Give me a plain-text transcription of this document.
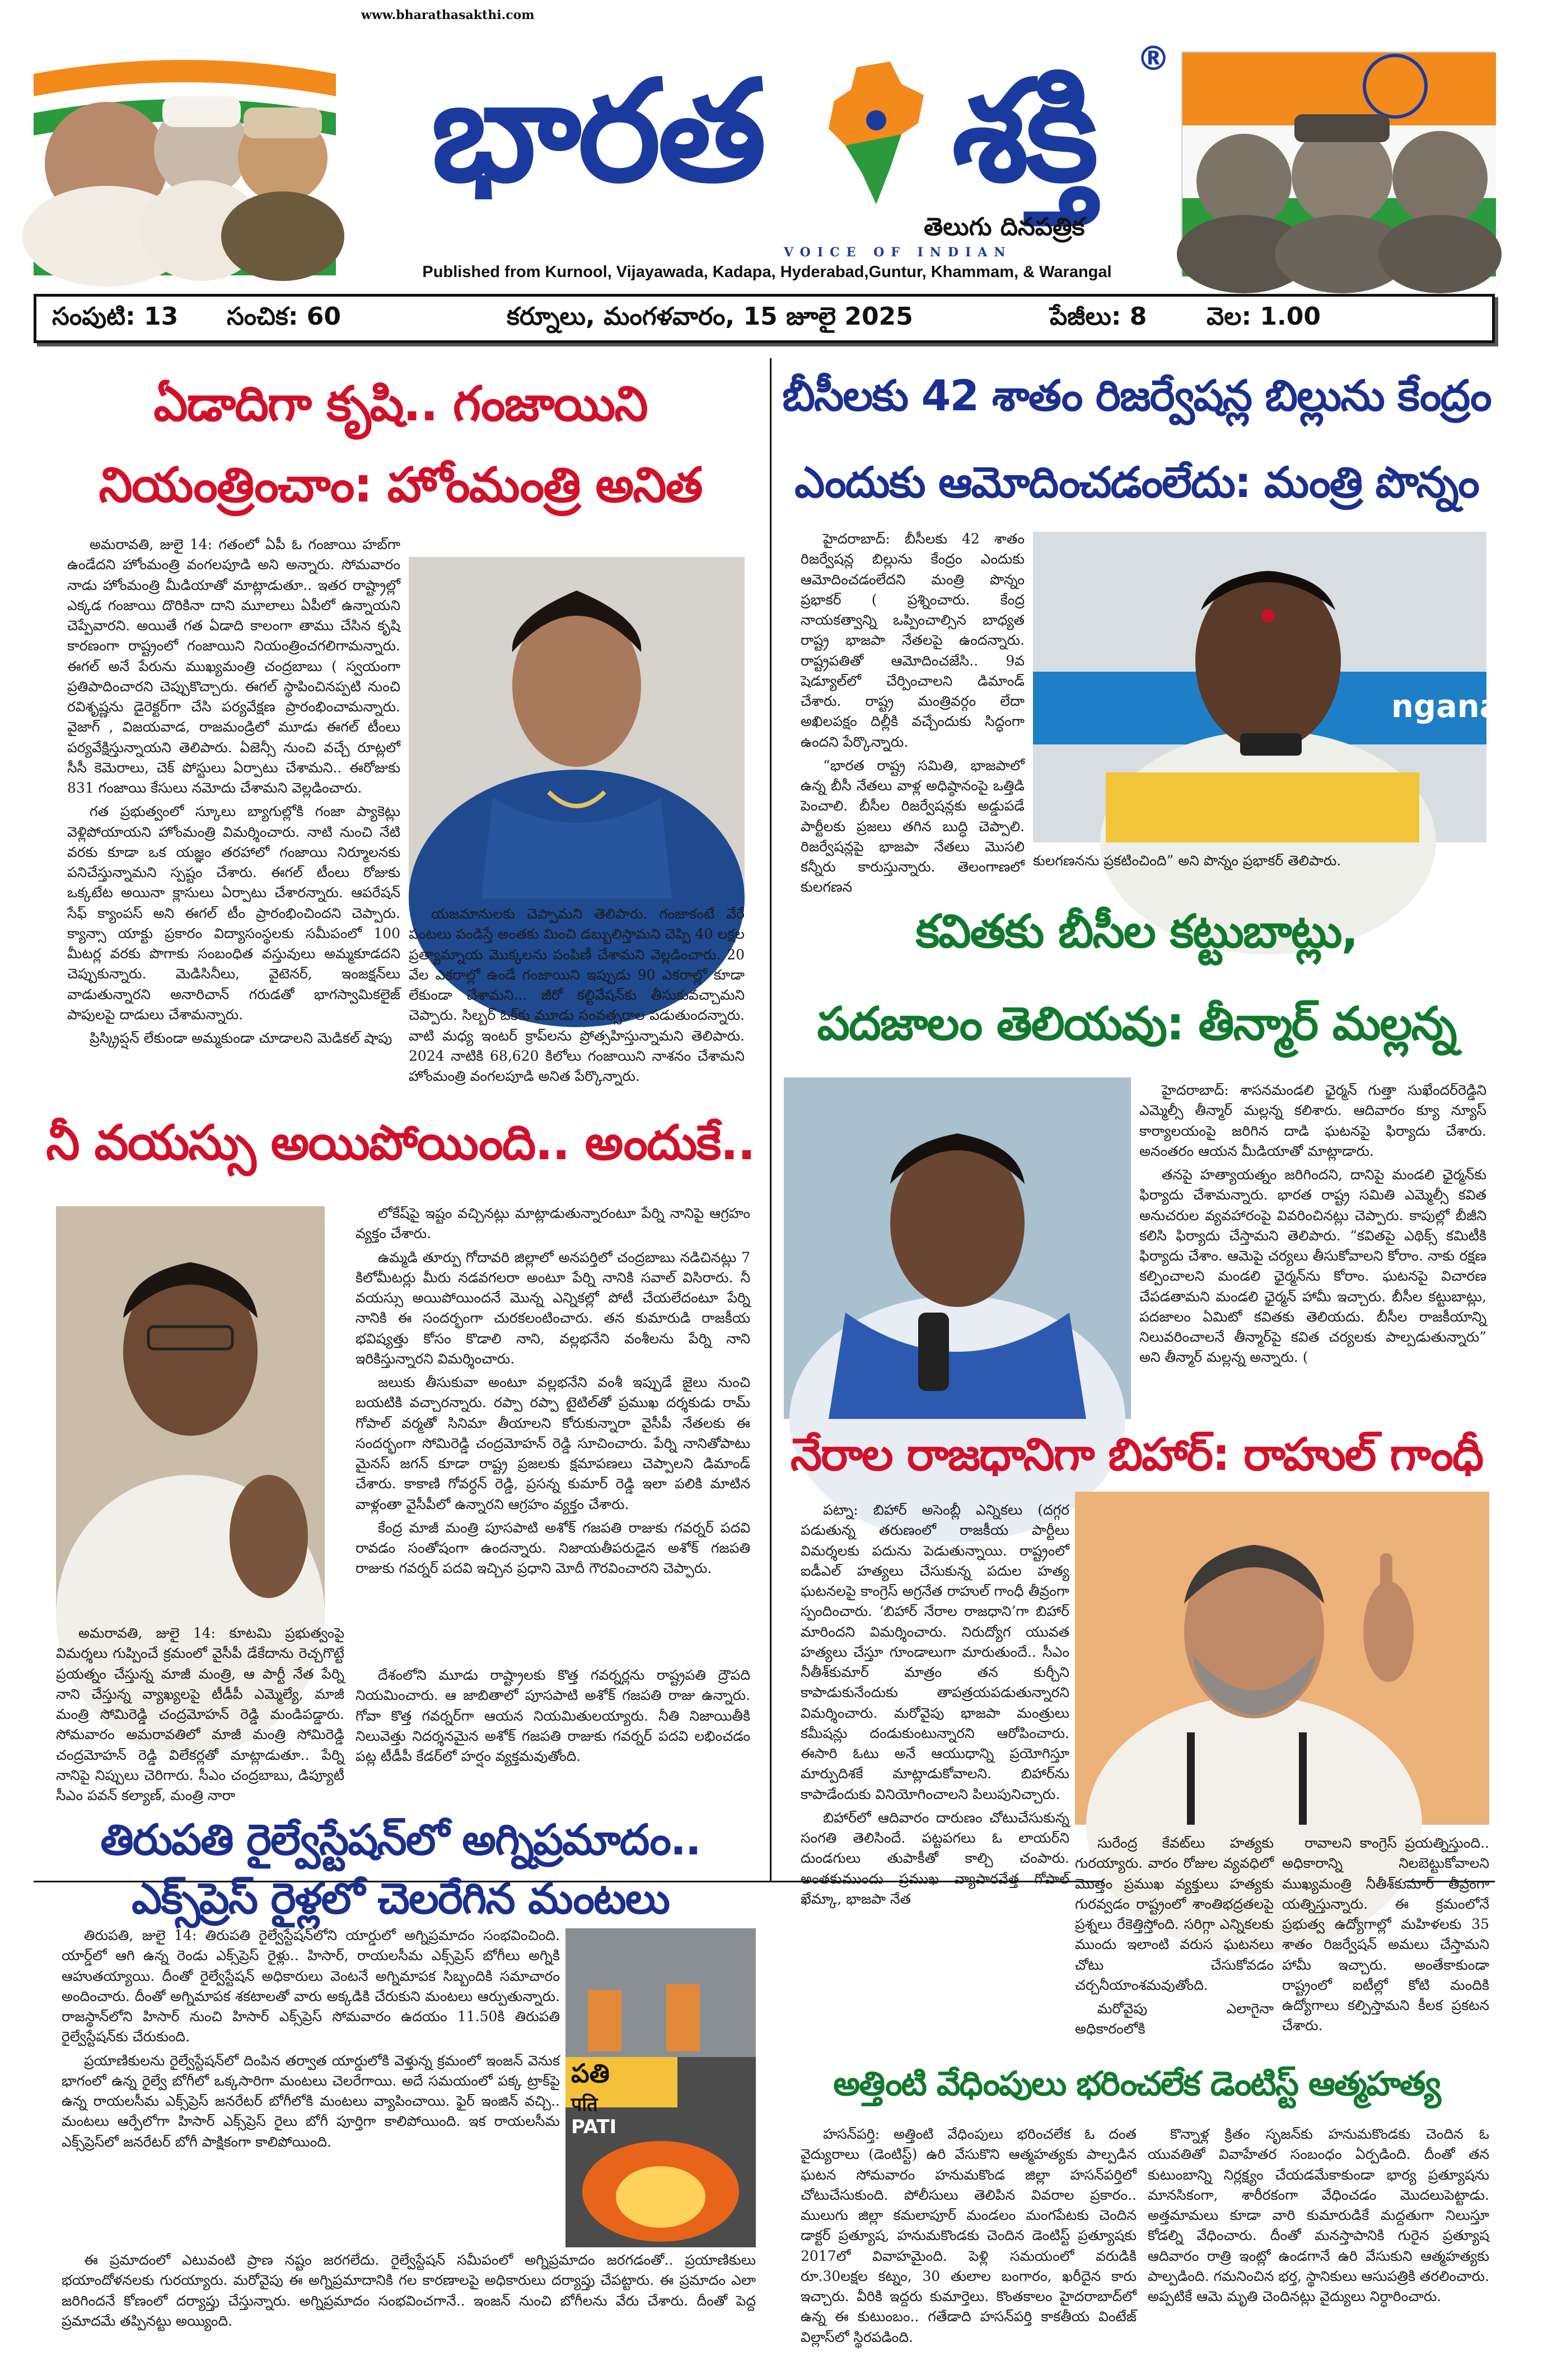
www.bharathasakthi.com
భారత శక్తి ®
తెలుగు దినపత్రిక
VOICE OF INDIAN
Published from Kurnool, Vijayawada, Kadapa, Hyderabad,Guntur, Khammam, & Warangal
సంపుటి: 13 సంచిక: 60	కర్నూలు, మంగళవారం, 15 జూలై 2025	పేజీలు: 8 వెల: 1.00
ఏడాదిగా కృషి.. గంజాయిని
నియంత్రించాం: హోంమంత్రి అనిత

అమరావతి, జులై 14: గతంలో ఏపీ ఓ గంజాయి హబ్‌గా ఉండేదని హోంమంత్రి వంగలపూడి అని అన్నారు. సోమవారం నాడు హోంమంత్రి మీడియాతో మాట్లాడుతూ.. ఇతర రాష్ట్రాల్లో ఎక్కడ గంజాయి దొరికినా దాని మూలాలు ఏపీలో ఉన్నాయని చెప్పేవారని. అయితే గత ఏడాది కాలంగా తాము చేసిన కృషి కారణంగా రాష్ట్రంలో గంజాయిని నియంత్రించగలిగామన్నారు. ఈగల్ అనే పేరును ముఖ్యమంత్రి చంద్రబాబు ( స్వయంగా ప్రతిపాదించారని చెప్పుకొచ్చారు. ఈగల్ స్థాపించినప్పటి నుంచి రవిశృష్ణను డైరెక్టర్‌గా చేసి పర్యవేక్షణ ప్రారంభించామన్నారు. వైజాగ్ , విజయవాడ, రాజమండ్రిలో మూడు ఈగల్ టీంలు పర్యవేక్షిస్తున్నాయని తెలిపారు. ఏజెన్సీ నుంచి వచ్చే రూట్లలో సీసీ కెమెరాలు, చెక్ పోస్టులు ఏర్పాటు చేశామని.. ఈరోజుకు 831 గంజాయి కేసులు నమోదు చేశామని వెల్లడించారు.

గత ప్రభుత్వంలో స్కూలు బ్యాగుల్లోకి గంజా ప్యాకెట్లు వెళ్లిపోయాయని హోంమంత్రి విమర్శించారు. నాటి నుంచి నేటి వరకు కూడా ఒక యజ్ఞం తరహాలో గంజాయి నిర్మూలనకు పనిచేస్తున్నామని స్పష్టం చేశారు. ఈగల్ టీంలు రోజుకు ఒక్కటేట అయినా క్లాసులు ఏర్పాటు చేశారన్నారు. ఆపరేషన్ సేఫ్ క్యాంపస్ అని ఈగల్ టీం ప్రారంభించిందని చెప్పారు. క్యాన్సా యాక్టు ప్రకారం విద్యాసంస్థలకు సమీపంలో 100 మీటర్ల వరకు పొగాకు సంబంధిత వస్తువులు అమ్మకూడదని చెప్పుకున్నారు. మెడిసినీలు, వైటెనర్, ఇంజక్షన్‌లు వాడుతున్నారని అనారిచాన్ గరుడతో భాగస్వామికలైజ్ పాపులపై దాడులు చేశామన్నారు.

ప్రిస్క్రిప్షన్ లేకుండా అమ్మకుండా చూడాలని మెడికల్ షాపు

యజమానులకు చెప్పామని తెలిపారు. గంజాకంటే వేరే పంటలు పండిస్తే అంతకు మించి డబ్బులిస్తామని చెప్పి 40 లక్షల ప్రత్యామ్నాయ మొక్కలను పంపిణీ చేశామని వెల్లడించారు. 20 వేల ఎకరాల్లో ఉండే గంజాయిని ఇప్పుడు 90 ఎకరాల్లో కూడా లేకుండా చేశామని... జీరో కల్టివేషన్‌కు తీసుకువచ్చామని చెప్పారు. సిల్బర్ ఓక్‌కు మూడు సంవత్సరాల పడుతుందన్నారు. వాటి మధ్య ఇంటర్ క్రాప్‌లను ప్రోత్సహిస్తున్నామని తెలిపారు. 2024 నాటికి 68,620 కిలోలు గంజాయిని నాశనం చేశామని హోంమంత్రి వంగలపూడి అనిత పేర్కొన్నారు.

నీ వయస్సు అయిపోయింది.. అందుకే..

అమరావతి, జులై 14: కూటమి ప్రభుత్వంపై విమర్శలు గుప్పించే క్రమంలో వైసీపీ డేకేదాను రెచ్చగొట్టే ప్రయత్నం చేస్తున్న మాజీ మంత్రి, ఆ పార్టీ నేత పేర్ని నాని చేస్తున్న వ్యాఖ్యలపై టీడీపీ ఎమ్మెల్యే, మాజీ మంత్రి సోమిరెడ్డి చంద్రమోహన్ రెడ్డి మండిపడ్డారు. సోమవారం అమరావతిలో మాజీ మంత్రి సోమిరెడ్డి చంద్రమోహన్ రెడ్డి విలేకర్లతో మాట్లాడుతూ.. పేర్ని నానిపై నిప్పులు చెరిగారు. సీఎం చంద్రబాబు, డిప్యూటీ సీఎం పవన్ కల్యాణ్, మంత్రి నారా

లోకేష్‌పై ఇష్టం వచ్చినట్లు మాట్లాడుతున్నారంటూ పేర్ని నానిపై ఆగ్రహం వ్యక్తం చేశారు.

ఉమ్మడి తూర్పు గోదావరి జిల్లాలో అనపర్తిలో చంద్రబాబు నడిచినట్లు 7 కిలోమీటర్లు మీరు నడవగలరా అంటూ పేర్ని నానికి సవాల్ విసిరారు. నీ వయస్సు అయిపోయిందనే మొన్న ఎన్నికల్లో పోటీ చేయలేదంటూ పేర్ని నానికి ఈ సందర్భంగా చురకలంటించారు. తన కుమారుడి రాజకీయ భవిష్యత్తు కోసం కొడాలి నాని, వల్లభనేని వంశీలను పేర్ని నాని ఇరికిస్తున్నారని విమర్శించారు.

జలుకు తీసుకువా అంటూ వల్లభనేని వంశీ ఇప్పుడే జైలు నుంచి బయటికి వచ్చారన్నారు. రప్పా రప్పా టైటిల్‌తో ప్రముఖ దర్శకుడు రామ్ గోపాల్ వర్మతో సినిమా తీయాలని కోరుకున్నారా వైసీపీ నేతలకు ఈ సందర్భంగా సోమిరెడ్డి చంద్రమోహన్ రెడ్డి సూచించారు. పేర్ని నానితోపాటు మైనస్ జగన్ కూడా రాష్ట్ర ప్రజలకు క్షమాపణలు చెప్పాలని డిమాండ్ చేశారు. కాకాణి గోవర్ధన్ రెడ్డి, ప్రసన్న కుమార్ రెడ్డి ఇలా పలికి మాటిన వాళ్లంతా వైసీపీలో ఉన్నారని ఆగ్రహం వ్యక్తం చేశారు.

కేంద్ర మాజీ మంత్రి పూసపాటి అశోక్ గజపతి రాజుకు గవర్నర్ పదవి రావడం సంతోషంగా ఉందన్నారు. నిజాయతీపరుడైన అశోక్ గజపతి రాజుకు గవర్నర్ పదవి ఇచ్చిన ప్రధాని మోదీ గౌరవించారని చెప్పారు.

దేశంలోని మూడు రాష్ట్రాలకు కొత్త గవర్నర్లను రాష్ట్రపతి ద్రౌపది నియమించారు. ఆ జాబితాలో పూసపాటి అశోక్ గజపతి రాజు ఉన్నారు. గోవా కొత్త గవర్నర్‌గా ఆయన నియమితులయ్యారు. నీతి నిజాయితీకి నిలువెత్తు నిదర్శనమైన అశోక్ గజపతి రాజుకు గవర్నర్ పదవి లభించడం పట్ల టీడీపీ కేడర్‌లో హర్షం వ్యక్తమవుతోంది.

తిరుపతి రైల్వేస్టేషన్‌లో అగ్నిప్రమాదం..
ఎక్స్‌ప్రెస్ రైళ్లలో చెలరేగిన మంటలు

తిరుపతి, జులై 14: తిరుపతి రైల్వేస్టేషన్‌లోని యార్డులో అగ్నిప్రమాదం సంభవించింది. యార్డ్‌లో ఆగి ఉన్న రెండు ఎక్స్‌ప్రెస్ రైళ్లు.. హిసార్, రాయలసీమ ఎక్స్‌ప్రెస్ బోగీలు అగ్నికి ఆహుతయ్యాయి. దీంతో రైల్వేస్టేషన్ అధికారులు వెంటనే అగ్నిమాపక సిబ్బందికి సమాచారం అందించారు. దీంతో అగ్నిమాపక శకటాలతో వారు అక్కడికి చేరుకుని మంటలు ఆర్పుతున్నారు. రాజస్థాన్‌లోని హిసార్ నుంచి హిసార్ ఎక్స్‌ప్రెస్ సోమవారం ఉదయం 11.50కి తిరుపతి రైల్వేస్టేషన్‌కు చేరుకుంది.

ప్రయాణికులను రైల్వేస్టేషన్‌లో దింపిన తర్వాత యార్డులోకి వెళ్తున్న క్రమంలో ఇంజన్ వెనుక భాగంలో ఉన్న రైల్వే బోగీలో ఒక్కసారిగా మంటలు చెలరేగాయి. అదే సమయంలో పక్క ట్రాక్‌పై ఉన్న రాయలసీమ ఎక్స్‌ప్రెస్ జనరేటర్ బోగీలోకి మంటలు వ్యాపించాయి. ఫైర్ ఇంజిన్ వచ్చి.. మంటలు ఆర్పేలోగా హిసార్ ఎక్స్‌ప్రెస్ రైలు బోగీ పూర్తిగా కాలిపోయింది. ఇక రాయలసీమ ఎక్స్‌ప్రెస్‌లో జనరేటర్ బోగీ పాక్షికంగా కాలిపోయింది.

పతి
पति
PATI

ఈ ప్రమాదంలో ఎటువంటి ప్రాణ నష్టం జరగలేదు. రైల్వేస్టేషన్ సమీపంలో అగ్నిప్రమాదం జరగడంతో.. ప్రయాణికులు భయాందోళనలకు గురయ్యారు. మరోవైపు ఈ అగ్నిప్రమాదానికి గల కారణాలపై అధికారులు దర్యాప్తు చేపట్టారు. ఈ ప్రమాదం ఎలా జరిగిందనే కోణంలో దర్యాప్తు చేస్తున్నారు. అగ్నిప్రమాదం సంభవించగానే.. ఇంజన్ నుంచి బోగీలను వేరు చేశారు. దీంతో పెద్ద ప్రమాదమే తప్పినట్టు అయ్యింది.

బీసీలకు 42 శాతం రిజర్వేషన్ల బిల్లును కేంద్రం
ఎందుకు ఆమోదించడంలేదు: మంత్రి పొన్నం

హైదరాబాద్: బీసీలకు 42 శాతం రిజర్వేషన్ల బిల్లును కేంద్రం ఎందుకు ఆమోదించడంలేదని మంత్రి పొన్నం ప్రభాకర్ ( ప్రశ్నించారు. కేంద్ర నాయకత్వాన్ని ఒప్పించాల్సిన బాధ్యత రాష్ట్ర భాజపా నేతలపై ఉందన్నారు. రాష్ట్రపతితో ఆమోదించజేసి.. 9వ షెడ్యూల్‌లో చేర్పించాలని డిమాండ్ చేశారు. రాష్ట్ర మంత్రివర్గం లేదా అఖిలపక్షం దిల్లీకి వచ్చేందుకు సిద్ధంగా ఉందని పేర్కొన్నారు.

“భారత రాష్ట్ర సమితి, భాజపాలో ఉన్న బీసీ నేతలు వాళ్ల అధిష్ఠానంపై ఒత్తిడి పెంచాలి. బీసీల రిజర్వేషన్లకు అడ్డుపడే పార్టీలకు ప్రజలు తగిన బుద్ధి చెప్పాలి. రిజర్వేషన్లపై భాజపా నేతలు మొసలి కన్నీరు కారుస్తున్నారు. తెలంగాణలో కులగణన

ngana

కులగణనను ప్రకటించింది” అని పొన్నం ప్రభాకర్ తెలిపారు.

కవితకు బీసీల కట్టుబాట్లు,
పదజాలం తెలియవు: తీన్మార్ మల్లన్న

హైదరాబాద్: శాసనమండలి ఛైర్మన్ గుత్తా సుఖేందర్‌రెడ్డిని ఎమ్మెల్సీ తీన్మార్ మల్లన్న కలిశారు. ఆదివారం క్యూ న్యూస్ కార్యాలయంపై జరిగిన దాడి ఘటనపై ఫిర్యాదు చేశారు. అనంతరం ఆయన మీడియాతో మాట్లాడారు.

తనపై హత్యాయత్నం జరిగిందని, దానిపై మండలి ఛైర్మన్‌కు ఫిర్యాదు చేశామన్నారు. భారత రాష్ట్ర సమితి ఎమ్మెల్సీ కవిత అనుచరుల వ్యవహారంపై వివరించినట్లు చెప్పారు. కాపుల్లో బీజీని కలిసి ఫిర్యాదు చేస్తామని తెలిపారు. “కవితపై ఎథిక్స్ కమిటీకి ఫిర్యాదు చేశాం. ఆమెపై చర్యలు తీసుకోవాలని కోరాం. నాకు రక్షణ కల్పించాలని మండలి ఛైర్మన్‌ను కోరాం. ఘటనపై విచారణ చేపడతామని మండలి ఛైర్మన్ హామీ ఇచ్చారు. బీసీల కట్టుబాట్లు, పదజాలం ఏమిటో కవితకు తెలియదు. బీసీల రాజకీయాన్ని నిలువరించాలనే తీన్మార్‌పై కవిత చర్యలకు పాల్పడుతున్నారు” అని తీన్మార్ మల్లన్న అన్నారు. (

నేరాల రాజధానిగా బిహార్: రాహుల్ గాంధీ

పట్నా: బిహార్ అసెంబ్లీ ఎన్నికలు (దగ్గర పడుతున్న తరుణంలో రాజకీయ పార్టీలు విమర్శలకు పదును పెడుతున్నాయి. రాష్ట్రంలో ఐడీఎల్ హత్యలు చేసుకున్న పదుల హత్య ఘటనలపై కాంగ్రెస్ అగ్రనేత రాహుల్ గాంధీ తీవ్రంగా స్పందించారు. ‘బిహార్ నేరాల రాజధాని’గా బిహార్ మారిందని విమర్శించారు. నిరుద్యోగ యువత హత్యలు చేస్తూ గూండాలుగా మారుతుందే.. సీఎం నీతీశ్‌కుమార్ మాత్రం తన కుర్చీని కాపాడుకునేందుకు తాపత్రయపడుతున్నారని విమర్శించారు. మరోవైపు భాజపా మంత్రులు కమీషన్లు దండుకుంటున్నారని ఆరోపించారు. ఈసారి ఓటు అనే ఆయుధాన్ని ప్రయోగిస్తూ మార్పుదిశకే మాట్లాడుకోవాలని. బిహార్‌ను కాపాడేందుకు వినియోగించాలని పిలుపునిచ్చారు.

బిహార్‌లో ఆదివారం దారుణం చోటుచేసుకున్న సంగతి తెలిసిందే. పట్టపగలు ఓ లాయర్‌ని దుండగులు తుపాకీతో కాల్చి చంపారు. అంతకుముందు ప్రముఖ వ్యాపారవేత్త గోపాల్ ఖేమ్కా, భాజపా నేత

సురేంద్ర కేవట్‌లు హత్యకు గురయ్యారు. వారం రోజుల వ్యవధిలో మొత్తం ప్రముఖ వ్యక్తులు హత్యకు గురవ్వడం రాష్ట్రంలో శాంతిభద్రతలపై ప్రశ్నలు రేకెత్తిస్తోంది. సరిగ్గా ఎన్నికలకు ముందు ఇలాంటి వరుస ఘటనలు చోటు చేసుకోవడం చర్చనీయాంశమవుతోంది.

మరోవైపు ఎలాగైనా అధికారంలోకి

రావాలని కాంగ్రెస్ ప్రయత్నిస్తుంది.. అధికారాన్ని నిలబెట్టుకోవాలని ముఖ్యమంత్రి నీతీశ్‌కుమార్ తీవ్రంగా యత్నిస్తున్నారు. ఈ క్రమంలోనే ప్రభుత్వ ఉద్యోగాల్లో మహిళలకు 35 శాతం రిజర్వేషన్ అమలు చేస్తామని హామీ ఇచ్చారు. అంతేకాకుండా రాష్ట్రంలో ఐటీల్లో కోటి మందికి ఉద్యోగాలు కల్పిస్తామని కీలక ప్రకటన చేశారు.

అత్తింటి వేధింపులు భరించలేక డెంటిస్ట్ ఆత్మహత్య

హసన్‌పర్తి: అత్తింటి వేధింపులు భరించలేక ఓ దంత వైద్యురాలు (డెంటిస్ట్) ఉరి వేసుకొని ఆత్మహత్యకు పాల్పడిన ఘటన సోమవారం హనుమకొండ జిల్లా హసన్‌పర్తిలో చోటుచేసుకుంది. పోలీసులు తెలిపిన వివరాల ప్రకారం.. ములుగు జిల్లా కమలాపూర్ మండలం మంగపేటకు చెందిన డాక్టర్ ప్రత్యూష, హనుమకొండకు చెందిన డెంటిస్ట్ ప్రత్యూషకు 2017లో వివాహమైంది. పెళ్లి సమయంలో వరుడికి రూ.30లక్షల కట్నం, 30 తులాల బంగారం, ఖరీదైన కారు ఇచ్చారు. వీరికి ఇద్దరు కుమార్తెలు. కొంతకాలం హైదరాబాద్‌లో ఉన్న ఈ కుటుంబం.. గతేడాది హసన్‌పర్తి కాకతీయ వింటేజ్ విల్లాస్‌లో స్థిరపడింది.

కొన్నాళ్ల క్రితం సృజన్‌కు హనుమకొండకు చెందిన ఓ యువతితో వివాహేతర సంబంధం ఏర్పడింది. దీంతో తన కుటుంబాన్ని నిర్లక్ష్యం చేయడమేకాకుండా భార్య ప్రత్యూషను మానసికంగా, శారీరకంగా వేధించడం మొదలుపెట్టాడు. అత్తమామలు కూడా వారి కుమారుడికే మద్దతుగా నిలుస్తూ కోడల్ని వేధించారు. దీంతో మనస్తాపానికి గురైన ప్రత్యూష ఆదివారం రాత్రి ఇంట్లో ఉండగానే ఉరి వేసుకుని ఆత్మహత్యకు పాల్పడింది. గమనించిన భర్త, స్థానికులు ఆసుపత్రికి తరలించారు. అప్పటికే ఆమె మృతి చెందినట్లు వైద్యులు నిర్ధారించారు.
